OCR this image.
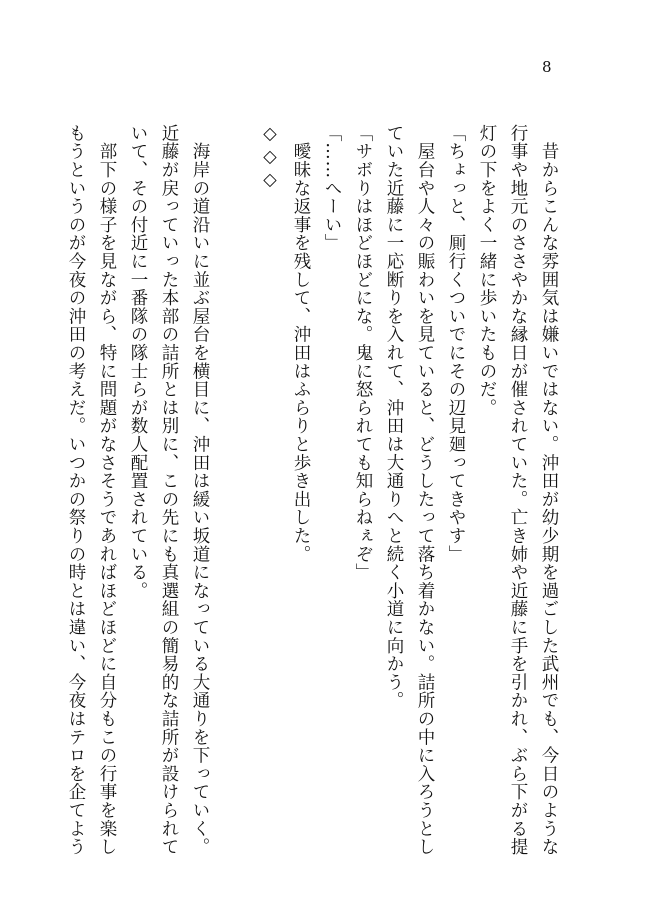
8

　昔からこんな雰囲気は嫌いではない。沖田が幼少期を過ごした武州でも、今日のような

行事や地元のささやかな縁日が催されていた。亡き姉や近藤に手を引かれ、ぶら下がる提

灯の下をよく一緒に歩いたものだ。

「ちょっと、厠行くついでにその辺見廻ってきやす」

　屋台や人々の賑わいを見ていると、どうしたって落ち着かない。詰所の中に入ろうとし

ていた近藤に一応断りを入れて、沖田は大通りへと続く小道に向かう。

「サボりはほどほどにな。鬼に怒られても知らねぇぞ」

「……へーい」

　曖昧な返事を残して、沖田はふらりと歩き出した。

◇◇◇

　海岸の道沿いに並ぶ屋台を横目に、沖田は緩い坂道になっている大通りを下っていく。

近藤が戻っていった本部の詰所とは別に、この先にも真選組の簡易的な詰所が設けられて

いて、その付近に一番隊の隊士らが数人配置されている。

　部下の様子を見ながら、特に問題がなさそうであればほどほどに自分もこの行事を楽し

もうというのが今夜の沖田の考えだ。いつかの祭りの時とは違い、今夜はテロを企てよう
